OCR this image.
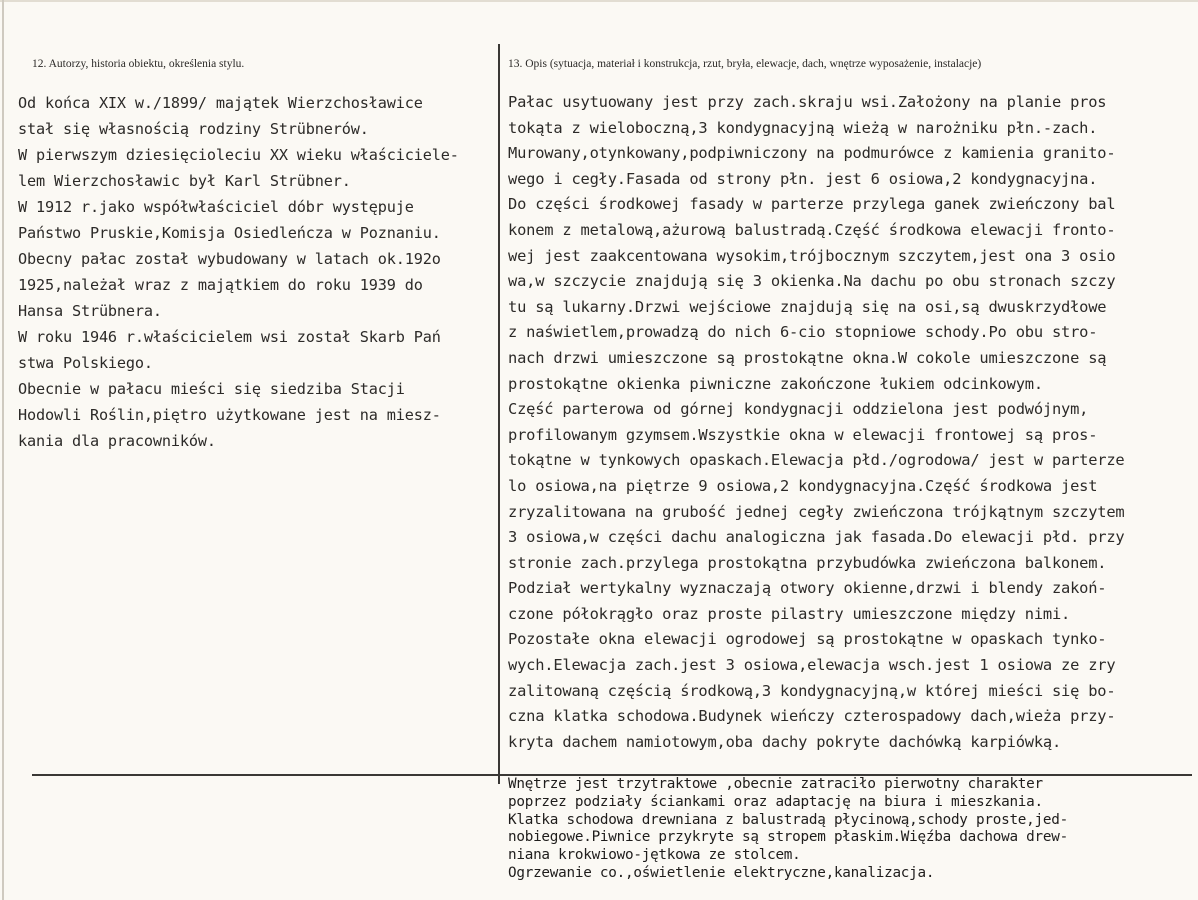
12. Autorzy, historia obiektu, określenia stylu.	13. Opis (sytuacja, materiał i konstrukcja, rzut, bryła, elewacje, dach, wnętrze wyposażenie, instalacje)
Od końca XIX w./1899/ majątek Wierzchosławice
stał się własnością rodziny Strübnerów.
W pierwszym dziesięcioleciu XX wieku właściciele-
lem Wierzchosławic był Karl Strübner.
W 1912 r.jako współwłaściciel dóbr występuje
Państwo Pruskie,Komisja Osiedleńcza w Poznaniu.
Obecny pałac został wybudowany w latach ok.192o
1925,należał wraz z majątkiem do roku 1939 do
Hansa Strübnera.
W roku 1946 r.właścicielem wsi został Skarb Pań
stwa Polskiego.
Obecnie w pałacu mieści się siedziba Stacji
Hodowli Roślin,piętro użytkowane jest na miesz-
kania dla pracowników.
Pałac usytuowany jest przy zach.skraju wsi.Założony na planie pros
tokąta z wieloboczną,3 kondygnacyjną wieżą w narożniku płn.-zach.
Murowany,otynkowany,podpiwniczony na podmurówce z kamienia granito-
wego i cegły.Fasada od strony płn. jest 6 osiowa,2 kondygnacyjna.
Do części środkowej fasady w parterze przylega ganek zwieńczony bal
konem z metalową,ażurową balustradą.Część środkowa elewacji fronto-
wej jest zaakcentowana wysokim,trójbocznym szczytem,jest ona 3 osio
wa,w szczycie znajdują się 3 okienka.Na dachu po obu stronach szczy
tu są lukarny.Drzwi wejściowe znajdują się na osi,są dwuskrzydłowe
z naświetlem,prowadzą do nich 6-cio stopniowe schody.Po obu stro-
nach drzwi umieszczone są prostokątne okna.W cokole umieszczone są
prostokątne okienka piwniczne zakończone łukiem odcinkowym.
Część parterowa od górnej kondygnacji oddzielona jest podwójnym,
profilowanym gzymsem.Wszystkie okna w elewacji frontowej są pros-
tokątne w tynkowych opaskach.Elewacja płd./ogrodowa/ jest w parterze
lo osiowa,na piętrze 9 osiowa,2 kondygnacyjna.Część środkowa jest
zryzalitowana na grubość jednej cegły zwieńczona trójkątnym szczytem
3 osiowa,w części dachu analogiczna jak fasada.Do elewacji płd. przy
stronie zach.przylega prostokątna przybudówka zwieńczona balkonem.
Podział wertykalny wyznaczają otwory okienne,drzwi i blendy zakoń-
czone półokrągło oraz proste pilastry umieszczone między nimi.
Pozostałe okna elewacji ogrodowej są prostokątne w opaskach tynko-
wych.Elewacja zach.jest 3 osiowa,elewacja wsch.jest 1 osiowa ze zry
zalitowaną częścią środkową,3 kondygnacyjną,w której mieści się bo-
czna klatka schodowa.Budynek wieńczy czterospadowy dach,wieża przy-
kryta dachem namiotowym,oba dachy pokryte dachówką karpiówką.
Wnętrze jest trzytraktowe ,obecnie zatraciło pierwotny charakter
poprzez podziały ściankami oraz adaptację na biura i mieszkania.
Klatka schodowa drewniana z balustradą płycinową,schody proste,jed-
nobiegowe.Piwnice przykryte są stropem płaskim.Więźba dachowa drew-
niana krokwiowo-jętkowa ze stolcem.
Ogrzewanie co.,oświetlenie elektryczne,kanalizacja.
